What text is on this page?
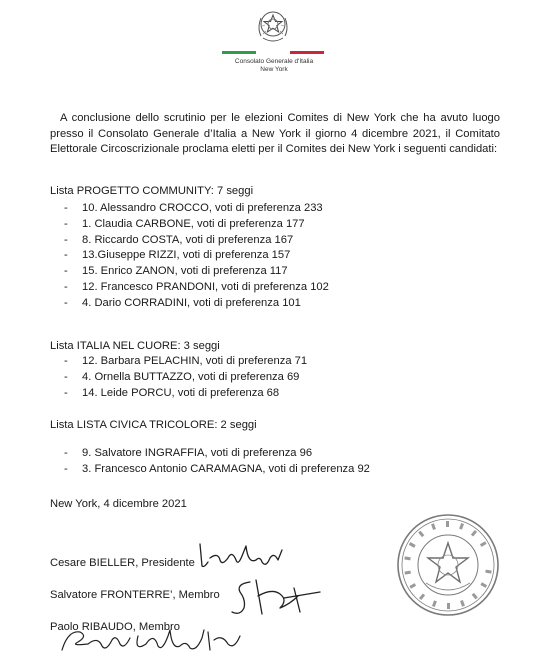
Consolato Generale d'Italia
New York

A conclusione dello scrutinio per le elezioni Comites di New York che ha avuto luogo presso il Consolato Generale d’Italia a New York il giorno 4 dicembre 2021, il Comitato Elettorale Circoscrizionale proclama eletti per il Comites dei New York i seguenti candidati:

Lista PROGETTO COMMUNITY: 7 seggi
- 10. Alessandro CROCCO, voti di preferenza 233
- 1. Claudia CARBONE, voti di preferenza 177
- 8. Riccardo COSTA, voti di preferenza 167
- 13.Giuseppe RIZZI, voti di preferenza 157
- 15. Enrico ZANON, voti di preferenza 117
- 12. Francesco PRANDONI, voti di preferenza 102
- 4. Dario CORRADINI, voti di preferenza 101
Lista ITALIA NEL CUORE: 3 seggi
- 12. Barbara PELACHIN, voti di preferenza 71
- 4. Ornella BUTTAZZO, voti di preferenza 69
- 14. Leide PORCU, voti di preferenza 68
Lista LISTA CIVICA TRICOLORE: 2 seggi
- 9. Salvatore INGRAFFIA, voti di preferenza 96
- 3. Francesco Antonio CARAMAGNA, voti di preferenza 92
New York, 4 dicembre 2021
Cesare BIELLER, Presidente
Salvatore FRONTERRE’, Membro
Paolo RIBAUDO, Membro
